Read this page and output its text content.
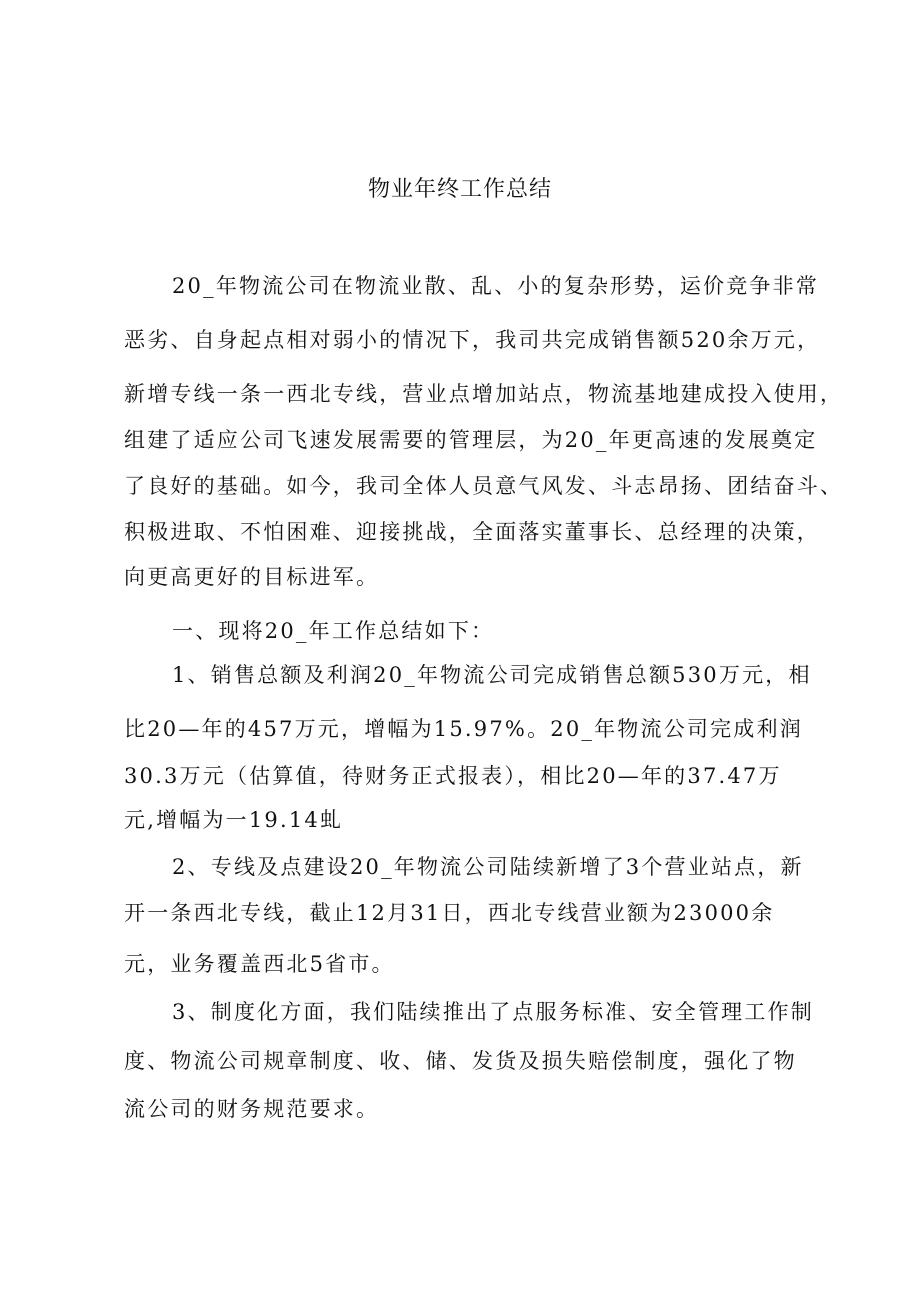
物业年终工作总结
20_年物流公司在物流业散、乱、小的复杂形势，运价竞争非常
恶劣、自身起点相对弱小的情况下，我司共完成销售额520余万元，
新增专线一条一西北专线，营业点增加站点，物流基地建成投入使用，
组建了适应公司飞速发展需要的管理层，为20_年更高速的发展奠定
了良好的基础。如今，我司全体人员意气风发、斗志昂扬、团结奋斗、
积极进取、不怕困难、迎接挑战，全面落实董事长、总经理的决策，
向更高更好的目标进军。
一、现将20_年工作总结如下：
1、销售总额及利润20_年物流公司完成销售总额530万元，相
比20—年的457万元，增幅为15.97%。20_年物流公司完成利润
30.3万元（估算值，待财务正式报表），相比20—年的37.47万
元,增幅为一19.14虬
2、专线及点建设20_年物流公司陆续新增了3个营业站点，新
开一条西北专线，截止12月31日，西北专线营业额为23000余
元，业务覆盖西北5省市。
3、制度化方面，我们陆续推出了点服务标准、安全管理工作制
度、物流公司规章制度、收、储、发货及损失赔偿制度，强化了物
流公司的财务规范要求。
